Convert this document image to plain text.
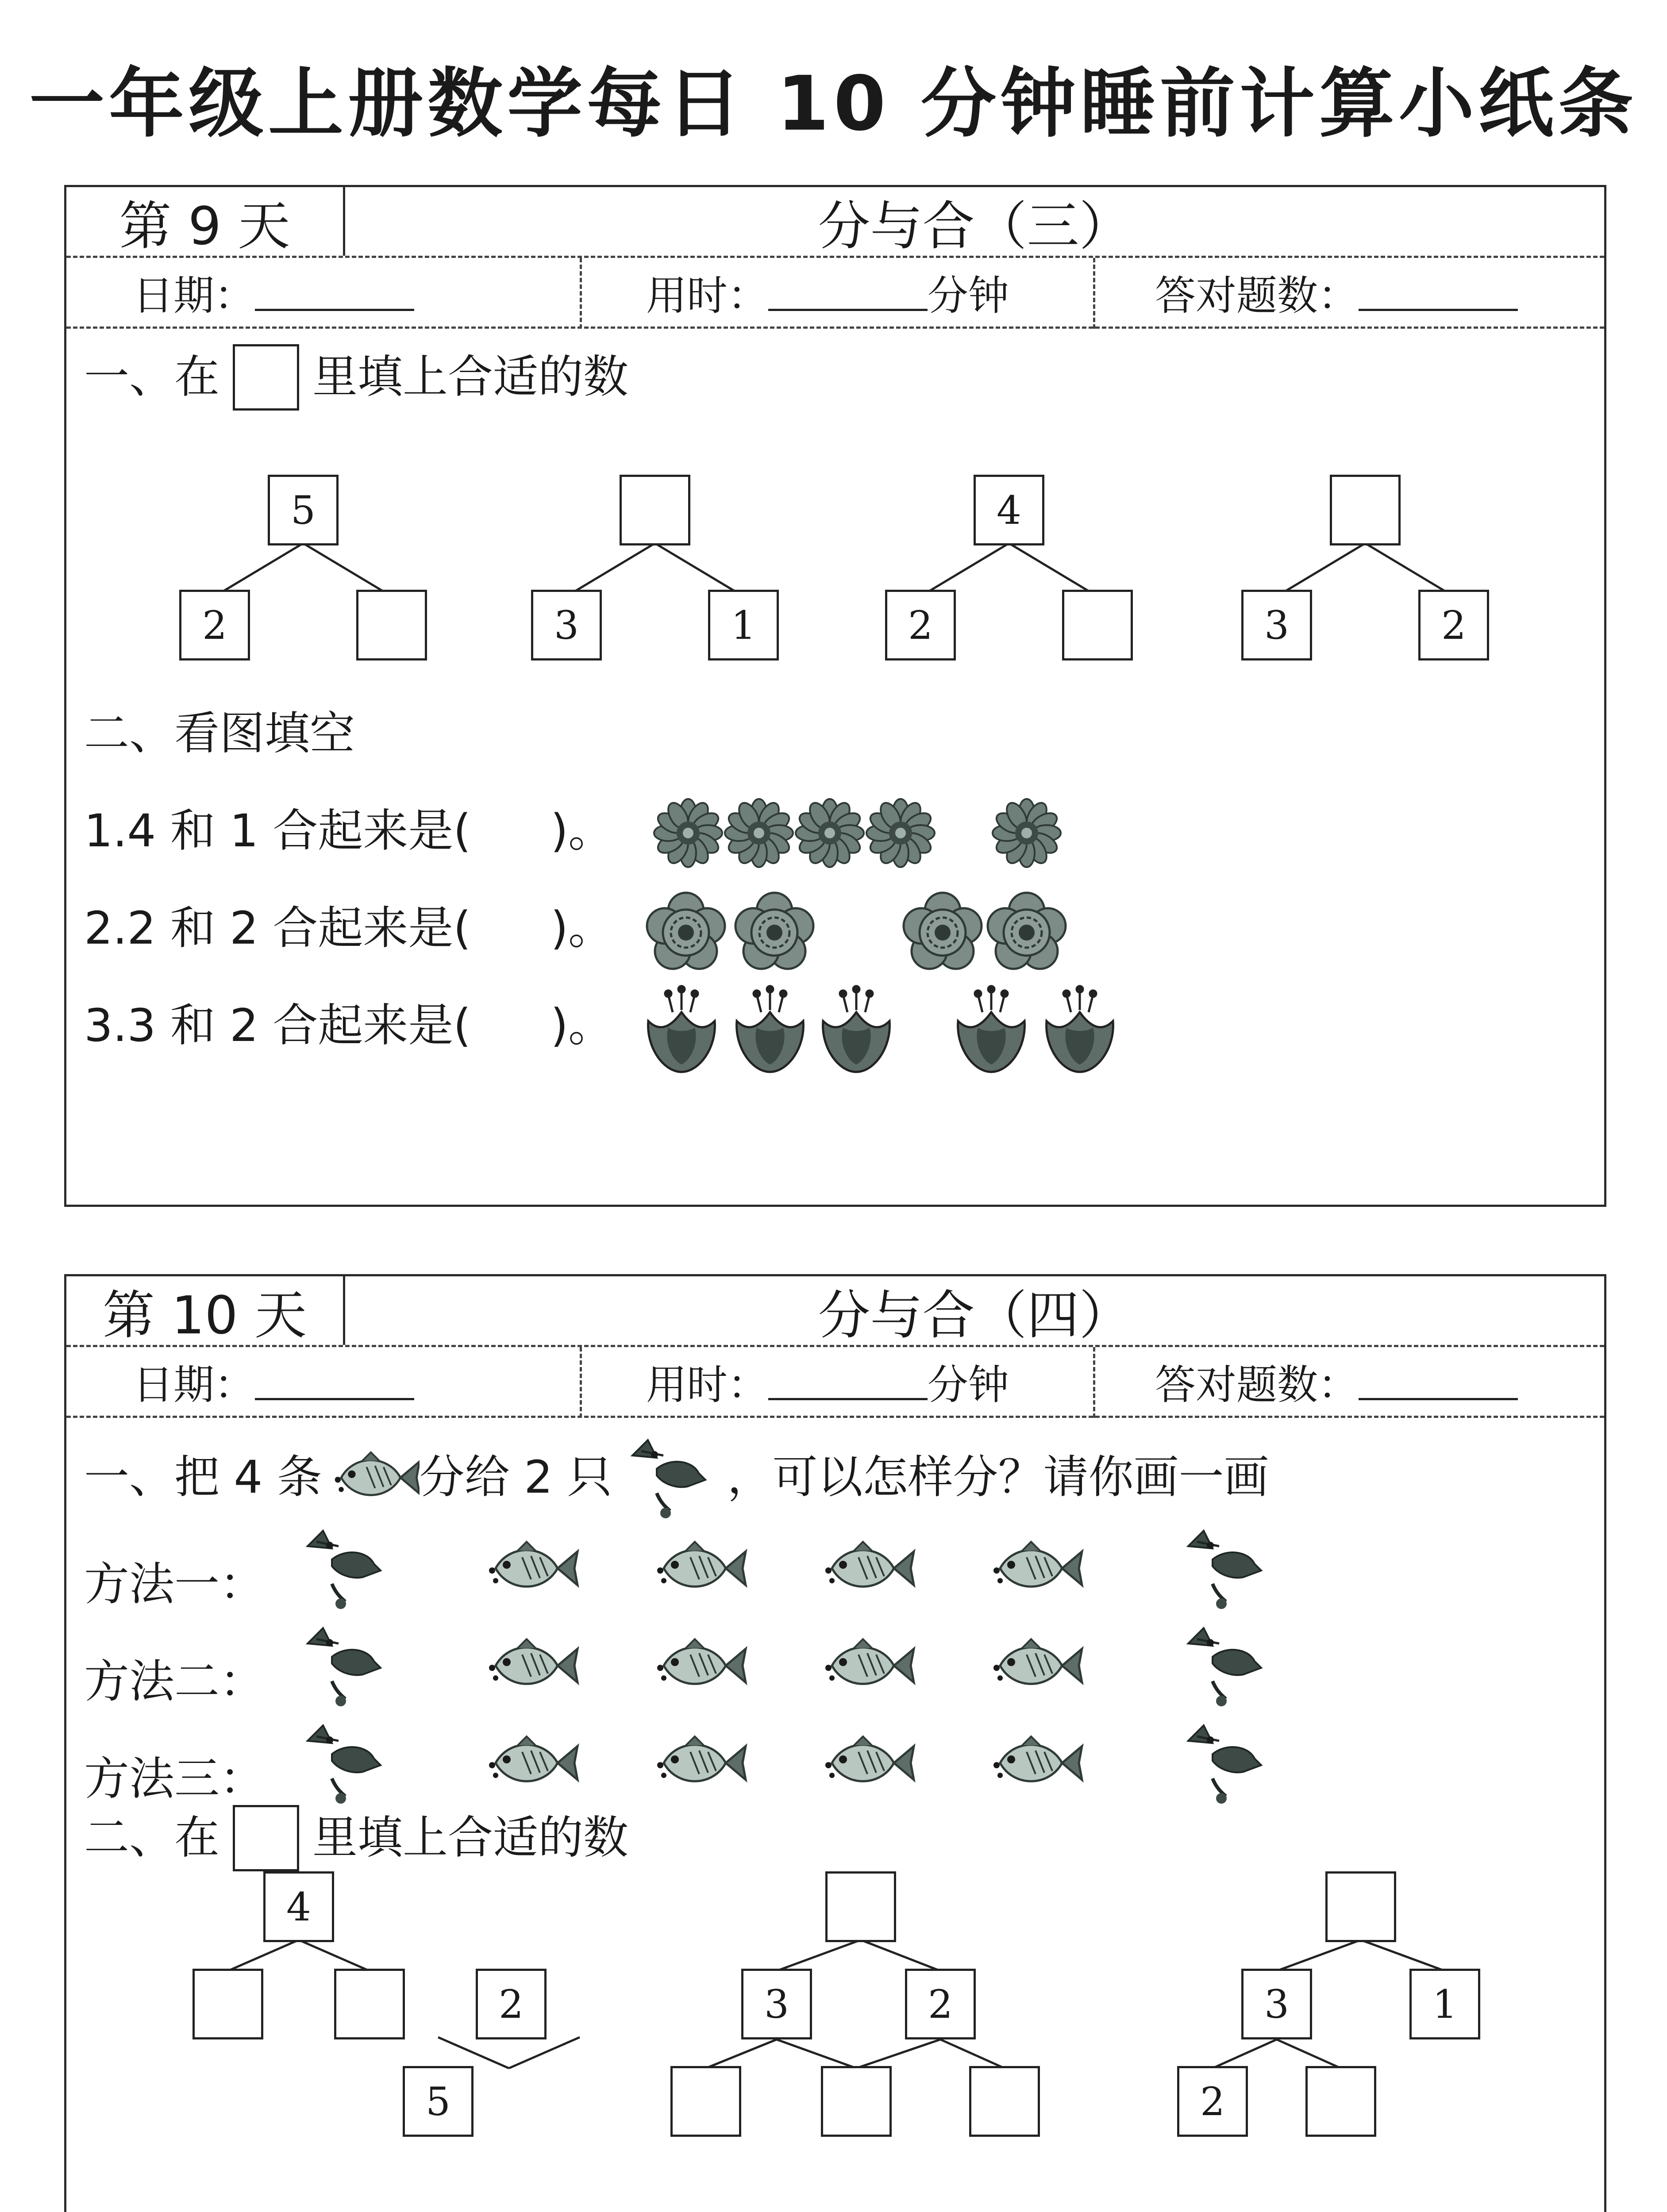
一年级上册数学每日 10 分钟睡前计算小纸条
第 9 天	分与合（三）
日期：	用时：	分钟	答对题数：
一、在 里填上合适的数
5
2	3	1
4
2	3	2
二、看图填空
1.4 和 1 合起来是( )。
2.2 和 2 合起来是( )。
3.3 和 2 合起来是( )。
第 10 天	分与合（四）
日期：	用时：	分钟	答对题数：
一、把 4 条 分给 2 只	，可以怎样分？请你画一画
方法一：
方法二：
方法三：
二、在 里填上合适的数
4
2
5
3	2	3	1
2
